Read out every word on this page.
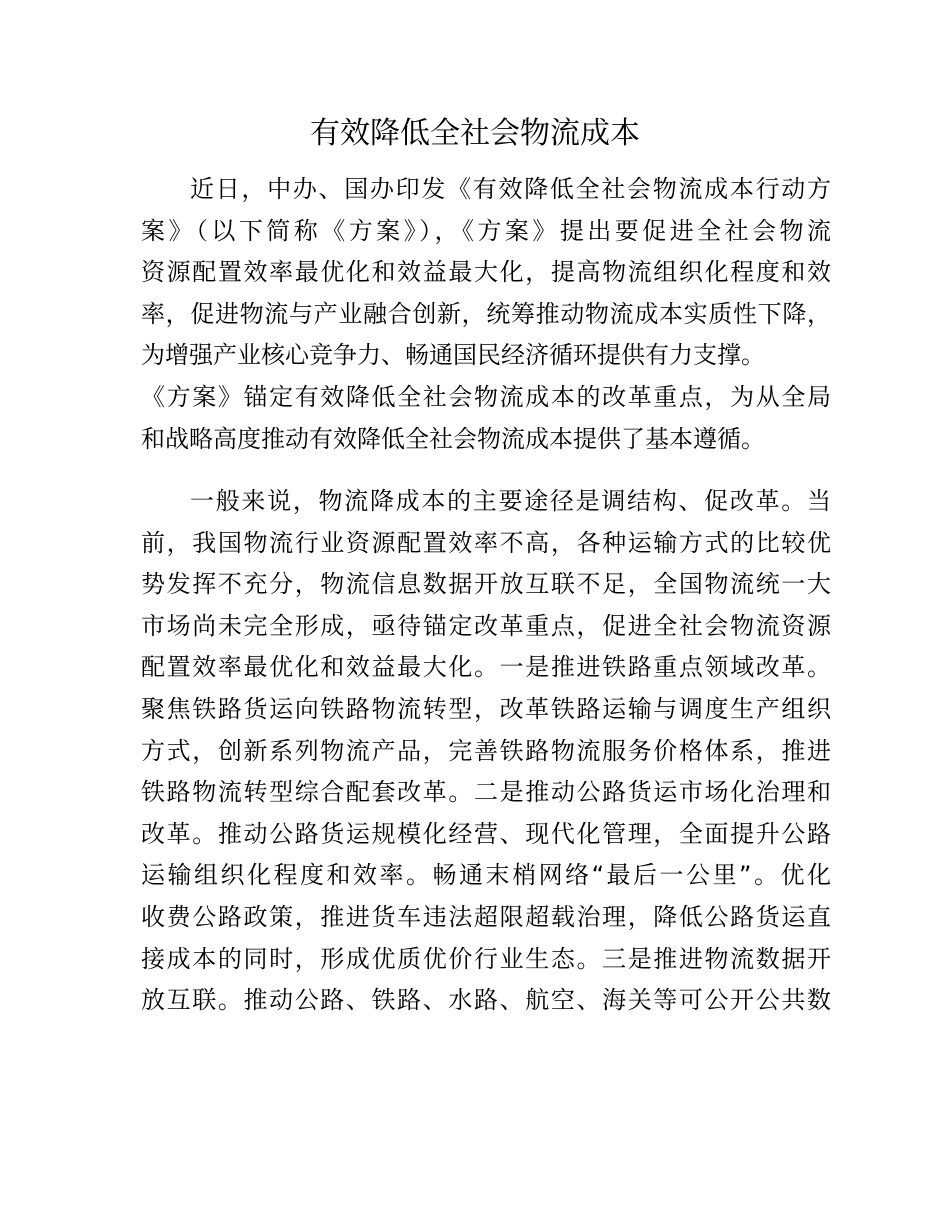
有效降低全社会物流成本
近日，中办、国办印发《有效降低全社会物流成本行动方
案》（以下简称《方案》），《方案》提出要促进全社会物流
资源配置效率最优化和效益最大化，提高物流组织化程度和效
率，促进物流与产业融合创新，统筹推动物流成本实质性下降，
为增强产业核心竞争力、畅通国民经济循环提供有力支撑。
《方案》锚定有效降低全社会物流成本的改革重点，为从全局
和战略高度推动有效降低全社会物流成本提供了基本遵循。
一般来说，物流降成本的主要途径是调结构、促改革。当
前，我国物流行业资源配置效率不高，各种运输方式的比较优
势发挥不充分，物流信息数据开放互联不足，全国物流统一大
市场尚未完全形成，亟待锚定改革重点，促进全社会物流资源
配置效率最优化和效益最大化。一是推进铁路重点领域改革。
聚焦铁路货运向铁路物流转型，改革铁路运输与调度生产组织
方式，创新系列物流产品，完善铁路物流服务价格体系，推进
铁路物流转型综合配套改革。二是推动公路货运市场化治理和
改革。推动公路货运规模化经营、现代化管理，全面提升公路
运输组织化程度和效率。畅通末梢网络“最后一公里”。优化
收费公路政策，推进货车违法超限超载治理，降低公路货运直
接成本的同时，形成优质优价行业生态。三是推进物流数据开
放互联。推动公路、铁路、水路、航空、海关等可公开公共数
